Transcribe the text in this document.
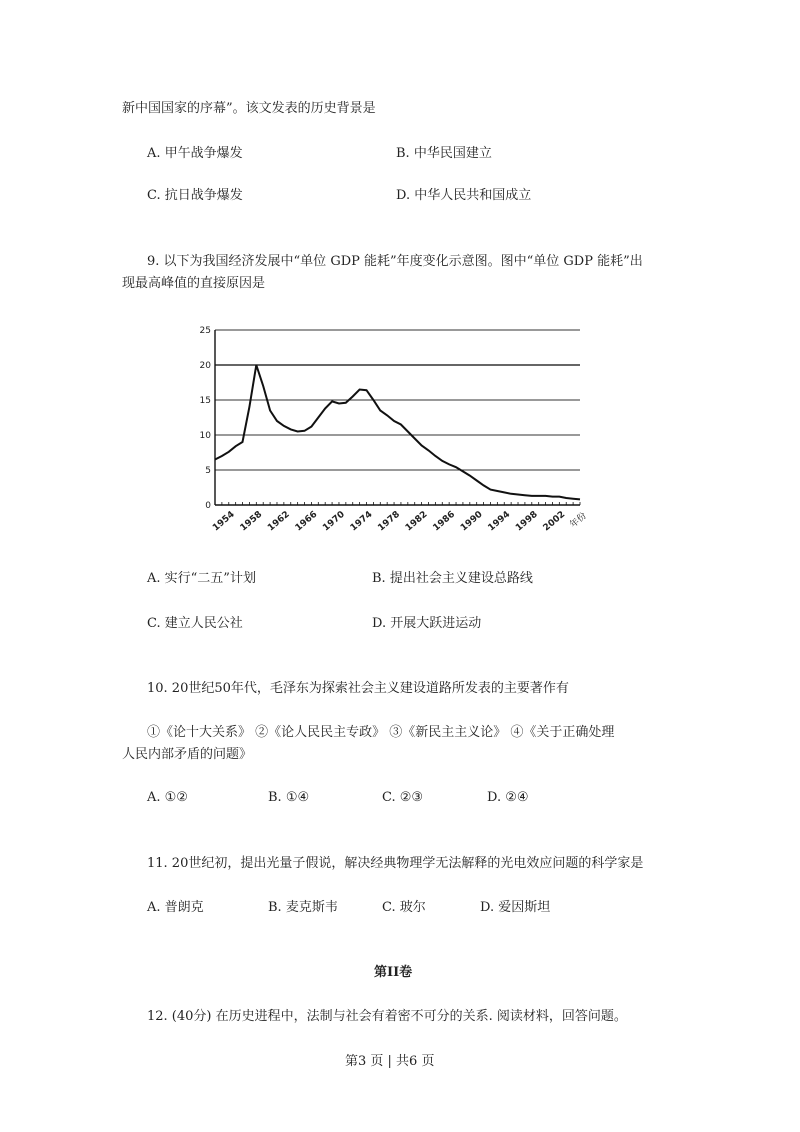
新中国国家的序幕”。该文发表的历史背景是
A. 甲午战争爆发	B. 中华民国建立
C. 抗日战争爆发	D. 中华人民共和国成立
9. 以下为我国经济发展中“单位 GDP 能耗”年度变化示意图。图中“单位 GDP 能耗”出
现最高峰值的直接原因是
0
5
10
15
20
25
1954 1958 1962 1966 1970 1974 1978 1982 1986 1990 1994 1998 2002 年份
A. 实行“二五”计划	B. 提出社会主义建设总路线
C. 建立人民公社	D. 开展大跃进运动
10. 20世纪50年代，毛泽东为探索社会主义建设道路所发表的主要著作有
①《论十大关系》 ②《论人民民主专政》 ③《新民主主义论》 ④《关于正确处理
人民内部矛盾的问题》
A. ①②	B. ①④	C. ②③	D. ②④
11. 20世纪初，提出光量子假说，解决经典物理学无法解释的光电效应问题的科学家是
A. 普朗克	B. 麦克斯韦	C. 玻尔	D. 爱因斯坦
第II卷
12. (40分) 在历史进程中，法制与社会有着密不可分的关系. 阅读材料，回答问题。
第3 页 | 共6 页
